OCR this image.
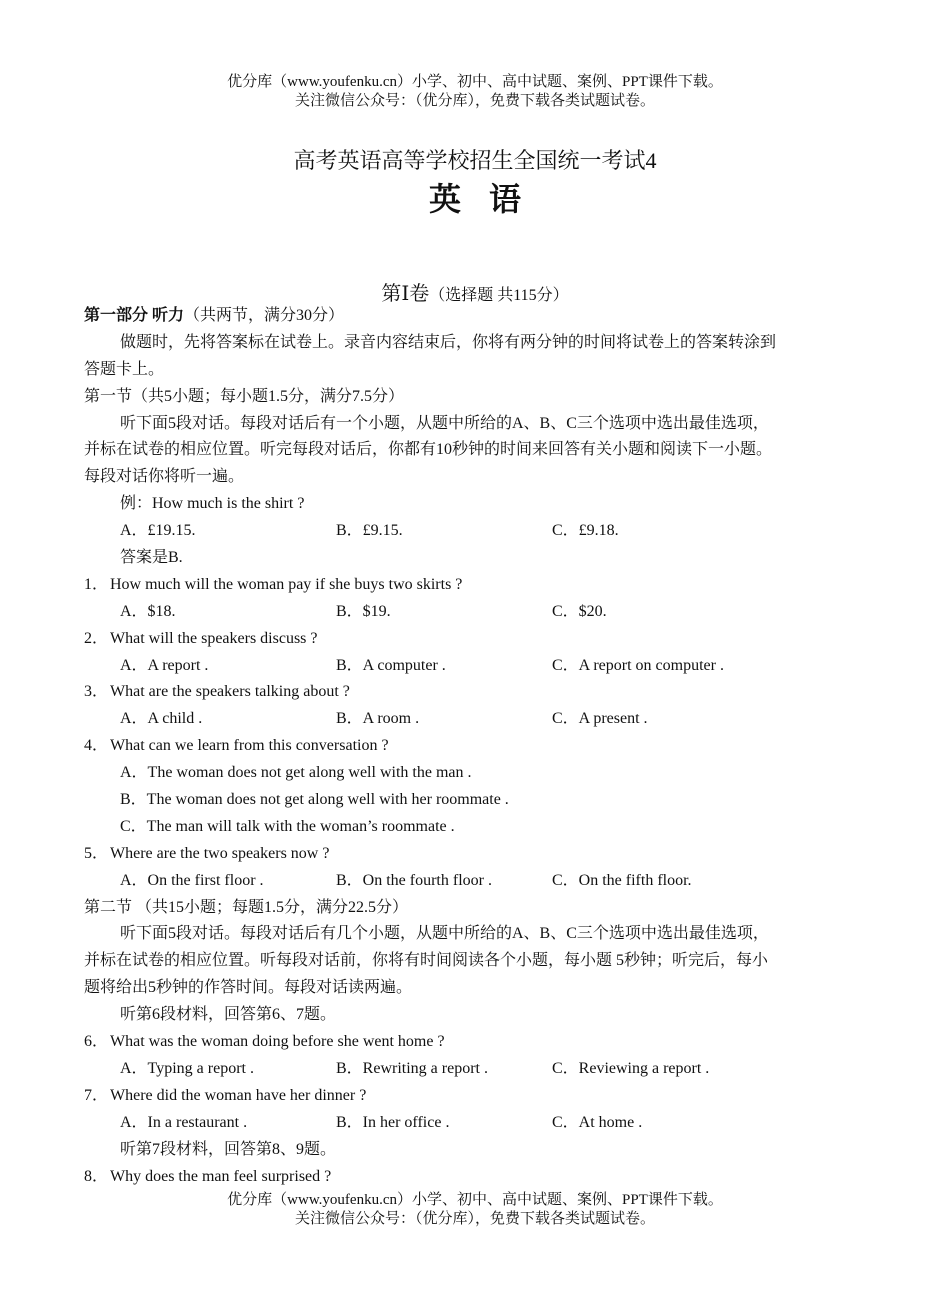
优分库（www.youfenku.cn）小学、初中、高中试题、案例、PPT课件下载。
关注微信公众号：（优分库），免费下载各类试题试卷。
高考英语高等学校招生全国统一考试4
英语
第Ⅰ卷（选择题 共115分）
第一部分 听力（共两节，满分30分）
做题时，先将答案标在试卷上。录音内容结束后，你将有两分钟的时间将试卷上的答案转涂到
答题卡上。
第一节（共5小题；每小题1.5分，满分7.5分）
听下面5段对话。每段对话后有一个小题，从题中所给的A、B、C三个选项中选出最佳选项，
并标在试卷的相应位置。听完每段对话后，你都有10秒钟的时间来回答有关小题和阅读下一小题。
每段对话你将听一遍。
例：How much is the shirt ?
A．£19.15.	B．£9.15.	C．£9.18.
答案是B.
1． How much will the woman pay if she buys two skirts ?
A．$18.	B．$19.	C．$20.
2． What will the speakers discuss ?
A．A report .	B．A computer .	C．A report on computer .
3． What are the speakers talking about ?
A．A child .	B．A room .	C．A present .
4． What can we learn from this conversation ?
A．The woman does not get along well with the man .
B．The woman does not get along well with her roommate .
C．The man will talk with the woman’s roommate .
5． Where are the two speakers now ?
A．On the first floor .	B．On the fourth floor .	C．On the fifth floor.
第二节 （共15小题；每题1.5分，满分22.5分）
听下面5段对话。每段对话后有几个小题，从题中所给的A、B、C三个选项中选出最佳选项，
并标在试卷的相应位置。听每段对话前，你将有时间阅读各个小题，每小题 5秒钟；听完后，每小
题将给出5秒钟的作答时间。每段对话读两遍。
听第6段材料，回答第6、7题。
6． What was the woman doing before she went home ?
A．Typing a report .	B．Rewriting a report .	C．Reviewing a report .
7． Where did the woman have her dinner ?
A．In a restaurant .	B．In her office .	C．At home .
听第7段材料，回答第8、9题。
8． Why does the man feel surprised ?
优分库（www.youfenku.cn）小学、初中、高中试题、案例、PPT课件下载。
关注微信公众号：（优分库），免费下载各类试题试卷。
